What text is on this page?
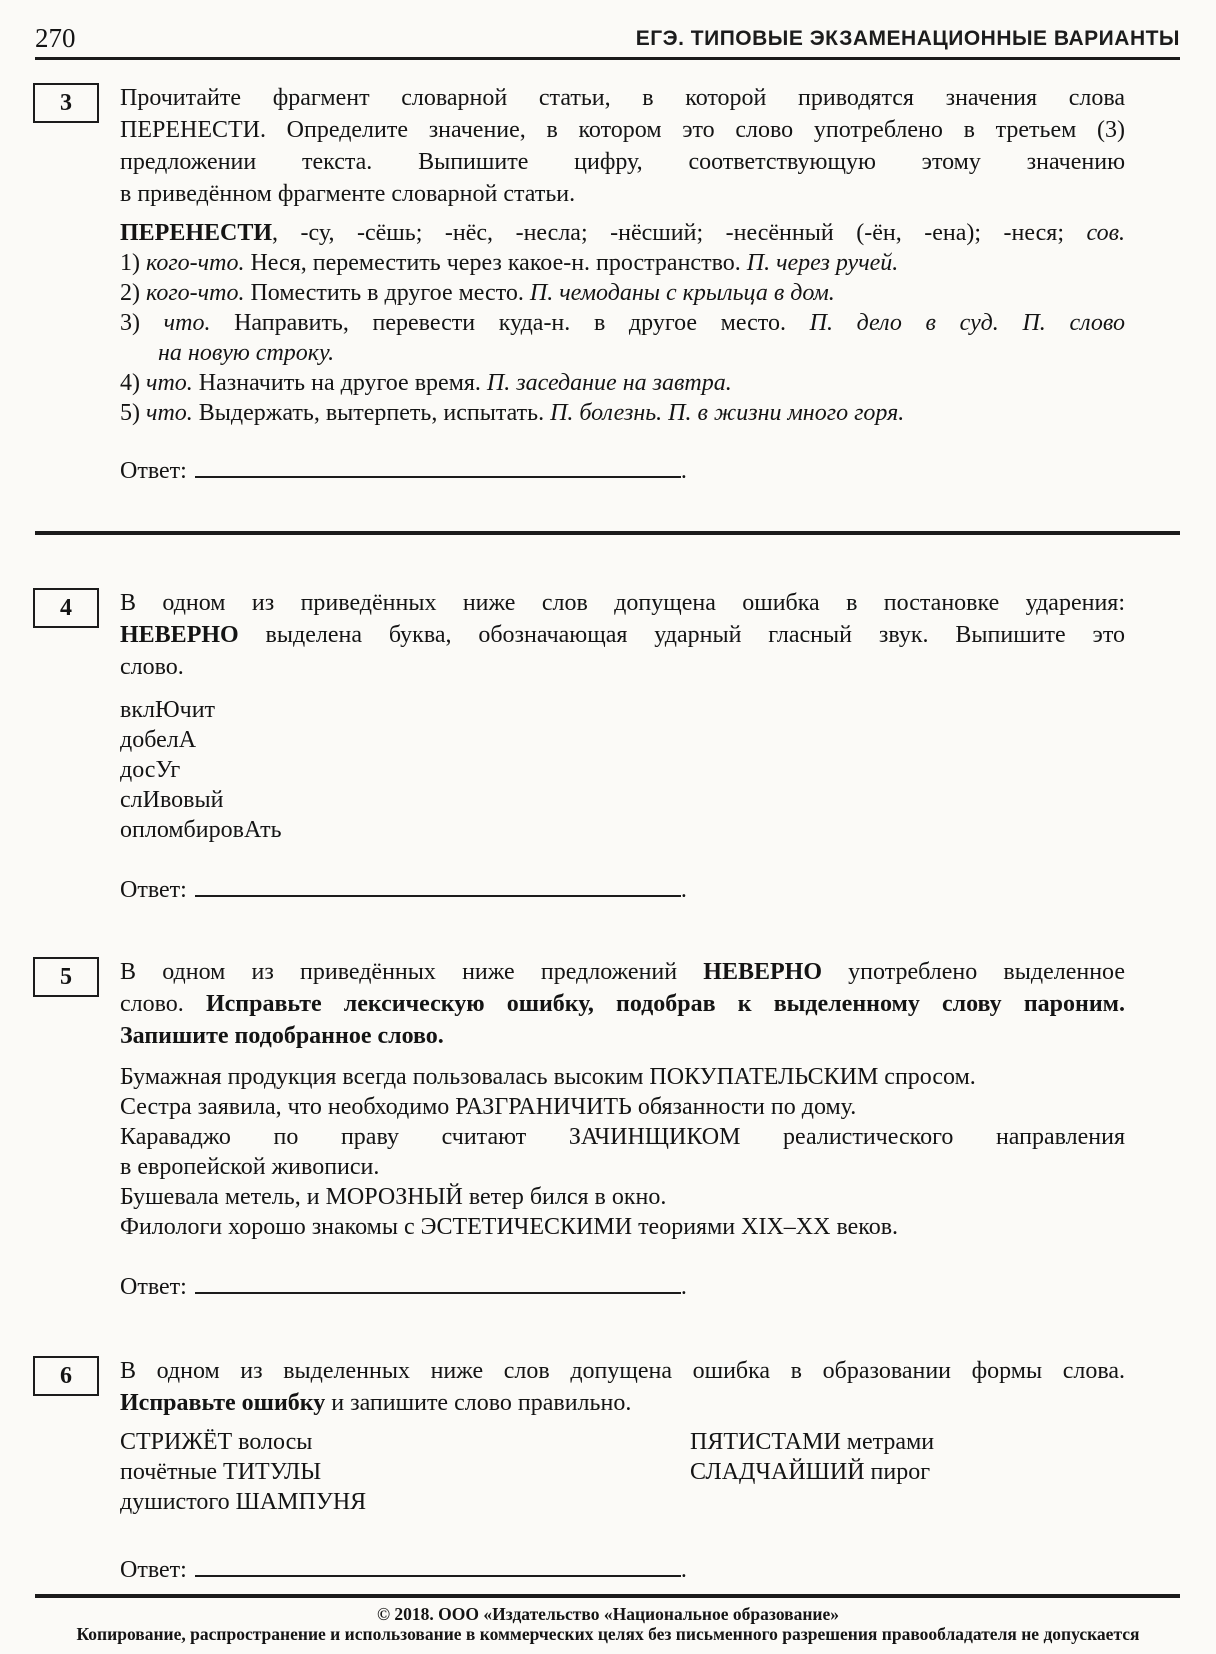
270	ЕГЭ. ТИПОВЫЕ ЭКЗАМЕНАЦИОННЫЕ ВАРИАНТЫ
3 Прочитайте фрагмент словарной статьи, в которой приводятся значения слова
ПЕРЕНЕСТИ. Определите значение, в котором это слово употреблено в третьем (3)
предложении текста. Выпишите цифру, соответствующую этому значению
в приведённом фрагменте словарной статьи.
ПЕРЕНЕСТИ, -су, -сёшь; -нёс, -несла; -нёсший; -несённый (-ён, -ена); -неся; сов.
1) кого-что. Неся, переместить через какое-н. пространство. П. через ручей.
2) кого-что. Поместить в другое место. П. чемоданы с крыльца в дом.
3) что. Направить, перевести куда-н. в другое место. П. дело в суд. П. слово
на новую строку.
4) что. Назначить на другое время. П. заседание на завтра.
5) что. Выдержать, вытерпеть, испытать. П. болезнь. П. в жизни много горя.
Ответ:	.
4 В одном из приведённых ниже слов допущена ошибка в постановке ударения:
НЕВЕРНО выделена буква, обозначающая ударный гласный звук. Выпишите это
слово.
вклЮчит
добелА
досУг
слИвовый
опломбировАть
Ответ:	.
5 В одном из приведённых ниже предложений НЕВЕРНО употреблено выделенное
слово. Исправьте лексическую ошибку, подобрав к выделенному слову пароним.
Запишите подобранное слово.
Бумажная продукция всегда пользовалась высоким ПОКУПАТЕЛЬСКИМ спросом.
Сестра заявила, что необходимо РАЗГРАНИЧИТЬ обязанности по дому.
Караваджо по праву считают ЗАЧИНЩИКОМ реалистического направления
в европейской живописи.
Бушевала метель, и МОРОЗНЫЙ ветер бился в окно.
Филологи хорошо знакомы с ЭСТЕТИЧЕСКИМИ теориями XIX–XX веков.
Ответ:	.
6 В одном из выделенных ниже слов допущена ошибка в образовании формы слова.
Исправьте ошибку и запишите слово правильно.
СТРИЖЁТ волосы
почётные ТИТУЛЫ
душистого ШАМПУНЯ
ПЯТИСТАМИ метрами
СЛАДЧАЙШИЙ пирог
Ответ:	.
© 2018. ООО «Издательство «Национальное образование»
Копирование, распространение и использование в коммерческих целях без письменного разрешения правообладателя не допускается
